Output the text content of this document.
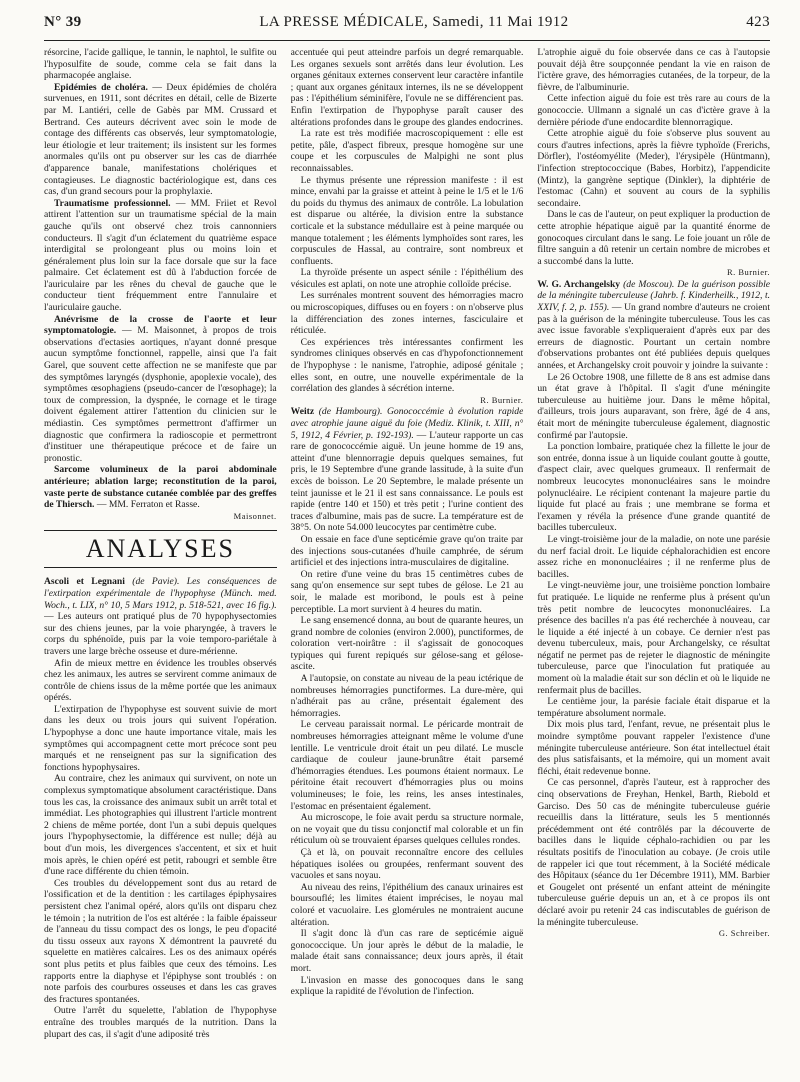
N° 39	LA PRESSE MÉDICALE, Samedi, 11 Mai 1912	423

résorcine, l'acide gallique, le tannin, le naphtol, le sulfite ou l'hyposulfite de soude, comme cela se fait dans la pharmacopée anglaise.

Epidémies de choléra. — Deux épidémies de choléra survenues, en 1911, sont décrites en détail, celle de Bizerte par M. Lantiéri, celle de Gabès par MM. Crussard et Bertrand. Ces auteurs décrivent avec soin le mode de contage des différents cas observés, leur symptomatologie, leur étiologie et leur traitement; ils insistent sur les formes anormales qu'ils ont pu observer sur les cas de diarrhée d'apparence banale, manifestations cholériques et contagieuses. Le diagnostic bactériologique est, dans ces cas, d'un grand secours pour la prophylaxie.

Traumatisme professionnel. — MM. Friiet et Revol attirent l'attention sur un traumatisme spécial de la main gauche qu'ils ont observé chez trois cannonniers conducteurs. Il s'agit d'un éclatement du quatrième espace interdigital se prolongeant plus ou moins loin et généralement plus loin sur la face dorsale que sur la face palmaire. Cet éclatement est dû à l'abduction forcée de l'auriculaire par les rênes du cheval de gauche que le conducteur tient fréquemment entre l'annulaire et l'auriculaire gauche.

Anévrisme de la crosse de l'aorte et leur symptomatologie. — M. Maisonnet, à propos de trois observations d'ectasies aortiques, n'ayant donné presque aucun symptôme fonctionnel, rappelle, ainsi que l'a fait Garel, que souvent cette affection ne se manifeste que par des symptômes laryngés (dysphonie, apoplexie vocale), des symptômes œsophagiens (pseudo-cancer de l'œsophage); la toux de compression, la dyspnée, le cornage et le tirage doivent également attirer l'attention du clinicien sur le médiastin. Ces symptômes permettront d'affirmer un diagnostic que confirmera la radioscopie et permettront d'instituer une thérapeutique précoce et de faire un pronostic.

Sarcome volumineux de la paroi abdominale antérieure; ablation large; reconstitution de la paroi, vaste perte de substance cutanée comblée par des greffes de Thiersch. — MM. Ferraton et Rasse.

Maisonnet.

ANALYSES

Ascoli et Legnani (de Pavie). Les conséquences de l'extirpation expérimentale de l'hypophyse (Münch. med. Woch., t. LIX, n° 10, 5 Mars 1912, p. 518-521, avec 16 fig.). — Les auteurs ont pratiqué plus de 70 hypophysectomies sur des chiens jeunes, par la voie pharyngée, à travers le corps du sphénoïde, puis par la voie temporo-pariétale à travers une large brèche osseuse et dure-mérienne.

Afin de mieux mettre en évidence les troubles observés chez les animaux, les autres se servirent comme animaux de contrôle de chiens issus de la même portée que les animaux opérés.

L'extirpation de l'hypophyse est souvent suivie de mort dans les deux ou trois jours qui suivent l'opération. L'hypophyse a donc une haute importance vitale, mais les symptômes qui accompagnent cette mort précoce sont peu marqués et ne renseignent pas sur la signification des fonctions hypophysaires.

Au contraire, chez les animaux qui survivent, on note un complexus symptomatique absolument caractéristique. Dans tous les cas, la croissance des animaux subit un arrêt total et immédiat. Les photographies qui illustrent l'article montrent 2 chiens de même portée, dont l'un a subi depuis quelques jours l'hypophysectomie, la différence est nulle; déjà au bout d'un mois, les divergences s'accentent, et six et huit mois après, le chien opéré est petit, rabougri et semble être d'une race différente du chien témoin.

Ces troubles du développement sont dus au retard de l'ossification et de la dentition : les cartilages épiphysaires persistent chez l'animal opéré, alors qu'ils ont disparu chez le témoin ; la nutrition de l'os est altérée : la faible épaisseur de l'anneau du tissu compact des os longs, le peu d'opacité du tissu osseux aux rayons X démontrent la pauvreté du squelette en matières calcaires. Les os des animaux opérés sont plus petits et plus faibles que ceux des témoins. Les rapports entre la diaphyse et l'épiphyse sont troublés : on note parfois des courbures osseuses et dans les cas graves des fractures spontanées.

Outre l'arrêt du squelette, l'ablation de l'hypophyse entraîne des troubles marqués de la nutrition. Dans la plupart des cas, il s'agit d'une adiposité très

accentuée qui peut atteindre parfois un degré remarquable. Les organes sexuels sont arrêtés dans leur évolution. Les organes génitaux externes conservent leur caractère infantile ; quant aux organes génitaux internes, ils ne se développent pas : l'épithélium séminifère, l'ovule ne se différencient pas. Enfin l'extirpation de l'hypophyse paraît causer des altérations profondes dans le groupe des glandes endocrines.

La rate est très modifiée macroscopiquement : elle est petite, pâle, d'aspect fibreux, presque homogène sur une coupe et les corpuscules de Malpighi ne sont plus reconnaissables.

Le thymus présente une répression manifeste : il est mince, envahi par la graisse et atteint à peine le 1/5 et le 1/6 du poids du thymus des animaux de contrôle. La lobulation est disparue ou altérée, la division entre la substance corticale et la substance médullaire est à peine marquée ou manque totalement ; les éléments lymphoïdes sont rares, les corpuscules de Hassal, au contraire, sont nombreux et confluents.

La thyroïde présente un aspect sénile : l'épithélium des vésicules est aplati, on note une atrophie colloïde précise.

Les surrénales montrent souvent des hémorragies macro ou microscopiques, diffuses ou en foyers : on n'observe plus la différenciation des zones internes, fasciculaire et réticulée.

Ces expériences très intéressantes confirment les syndromes cliniques observés en cas d'hypofonctionnement de l'hypophyse : le nanisme, l'atrophie, adiposé génitale ; elles sont, en outre, une nouvelle expérimentale de la corrélation des glandes à sécrétion interne.

R. Burnier.

Weitz (de Hambourg). Gonococcémie à évolution rapide avec atrophie jaune aiguë du foie (Mediz. Klinik, t. XIII, n° 5, 1912, 4 Février, p. 192-193). — L'auteur rapporte un cas rare de gonococcémie aiguë. Un jeune homme de 19 ans, atteint d'une blennorragie depuis quelques semaines, fut pris, le 19 Septembre d'une grande lassitude, à la suite d'un excès de boisson. Le 20 Septembre, le malade présente un teint jaunisse et le 21 il est sans connaissance. Le pouls est rapide (entre 140 et 150) et très petit ; l'urine contient des traces d'albumine, mais pas de sucre. La température est de 38°5. On note 54.000 leucocytes par centimètre cube.

On essaie en face d'une septicémie grave qu'on traite par des injections sous-cutanées d'huile camphrée, de sérum artificiel et des injections intra-musculaires de digitaline.

On retire d'une veine du bras 15 centimètres cubes de sang qu'on ensemence sur sept tubes de gélose. Le 21 au soir, le malade est moribond, le pouls est à peine perceptible. La mort survient à 4 heures du matin.

Le sang ensemencé donna, au bout de quarante heures, un grand nombre de colonies (environ 2.000), punctiformes, de coloration vert-noirâtre : il s'agissait de gonocoques typiques qui furent repiqués sur gélose-sang et gélose-ascite.

A l'autopsie, on constate au niveau de la peau ictérique de nombreuses hémorragies punctiformes. La dure-mère, qui n'adhérait pas au crâne, présentait également des hémorragies.

Le cerveau paraissait normal. Le péricarde montrait de nombreuses hémorragies atteignant même le volume d'une lentille. Le ventricule droit était un peu dilaté. Le muscle cardiaque de couleur jaune-brunâtre était parsemé d'hémorragies étendues. Les poumons étaient normaux. Le péritoine était recouvert d'hémorragies plus ou moins volumineuses; le foie, les reins, les anses intestinales, l'estomac en présentaient également.

Au microscope, le foie avait perdu sa structure normale, on ne voyait que du tissu conjonctif mal colorable et un fin réticulum où se trouvaient éparses quelques cellules rondes.

Çà et là, on pouvait reconnaître encore des cellules hépatiques isolées ou groupées, renfermant souvent des vacuoles et sans noyau.

Au niveau des reins, l'épithélium des canaux urinaires est boursouflé; les limites étaient imprécises, le noyau mal coloré et vacuolaire. Les glomérules ne montraient aucune altération.

Il s'agit donc là d'un cas rare de septicémie aiguë gonococcique. Un jour après le début de la maladie, le malade était sans connaissance; deux jours après, il était mort.

L'invasion en masse des gonocoques dans le sang explique la rapidité de l'évolution de l'infection.

L'atrophie aiguë du foie observée dans ce cas à l'autopsie pouvait déjà être soupçonnée pendant la vie en raison de l'ictère grave, des hémorragies cutanées, de la torpeur, de la fièvre, de l'albuminurie.

Cette infection aiguë du foie est très rare au cours de la gonococcie. Ullmann a signalé un cas d'ictère grave à la dernière période d'une endocardite blennorragique.

Cette atrophie aiguë du foie s'observe plus souvent au cours d'autres infections, après la fièvre typhoïde (Frerichs, Dörfler), l'ostéomyélite (Meder), l'érysipèle (Hüntmann), l'infection streptococcique (Babes, Horbitz), l'appendicite (Mintz), la gangrène septique (Dinkler), la diphtérie de l'estomac (Cahn) et souvent au cours de la syphilis secondaire.

Dans le cas de l'auteur, on peut expliquer la production de cette atrophie hépatique aiguë par la quantité énorme de gonocoques circulant dans le sang. Le foie jouant un rôle de filtre sanguin a dû retenir un certain nombre de microbes et a succombé dans la lutte.

R. Burnier.

W. G. Archangelsky (de Moscou). De la guérison possible de la méningite tuberculeuse (Jahrb. f. Kinderheilk., 1912, t. XXIV, f. 2, p. 155). — Un grand nombre d'auteurs ne croient pas à la guérison de la méningite tuberculeuse. Tous les cas avec issue favorable s'expliqueraient d'après eux par des erreurs de diagnostic. Pourtant un certain nombre d'observations probantes ont été publiées depuis quelques années, et Archangelsky croit pouvoir y joindre la suivante :

Le 26 Octobre 1908, une fillette de 8 ans est admise dans un état grave à l'hôpital. Il s'agit d'une méningite tuberculeuse au huitième jour. Dans le même hôpital, d'ailleurs, trois jours auparavant, son frère, âgé de 4 ans, était mort de méningite tuberculeuse également, diagnostic confirmé par l'autopsie.

La ponction lombaire, pratiquée chez la fillette le jour de son entrée, donna issue à un liquide coulant goutte à goutte, d'aspect clair, avec quelques grumeaux. Il renfermait de nombreux leucocytes mononucléaires sans le moindre polynucléaire. Le récipient contenant la majeure partie du liquide fut placé au frais ; une membrane se forma et l'examen y révéla la présence d'une grande quantité de bacilles tuberculeux.

Le vingt-troisième jour de la maladie, on note une parésie du nerf facial droit. Le liquide céphalorachidien est encore assez riche en mononucléaires ; il ne renferme plus de bacilles.

Le vingt-neuvième jour, une troisième ponction lombaire fut pratiquée. Le liquide ne renferme plus à présent qu'un très petit nombre de leucocytes mononucléaires. La présence des bacilles n'a pas été recherchée à nouveau, car le liquide a été injecté à un cobaye. Ce dernier n'est pas devenu tuberculeux, mais, pour Archangelsky, ce résultat négatif ne permet pas de rejeter le diagnostic de méningite tuberculeuse, parce que l'inoculation fut pratiquée au moment où la maladie était sur son déclin et où le liquide ne renfermait plus de bacilles.

Le centième jour, la parésie faciale était disparue et la température absolument normale.

Dix mois plus tard, l'enfant, revue, ne présentait plus le moindre symptôme pouvant rappeler l'existence d'une méningite tuberculeuse antérieure. Son état intellectuel était des plus satisfaisants, et la mémoire, qui un moment avait fléchi, était redevenue bonne.

Ce cas personnel, d'après l'auteur, est à rapprocher des cinq observations de Freyhan, Henkel, Barth, Riebold et Garciso. Des 50 cas de méningite tuberculeuse guérie recueillis dans la littérature, seuls les 5 mentionnés précédemment ont été contrôlés par la découverte de bacilles dans le liquide céphalo-rachidien ou par les résultats positifs de l'inoculation au cobaye. (Je crois utile de rappeler ici que tout récemment, à la Société médicale des Hôpitaux (séance du 1er Décembre 1911), MM. Barbier et Gougelet ont présenté un enfant atteint de méningite tuberculeuse guérie depuis un an, et à ce propos ils ont déclaré avoir pu retenir 24 cas indiscutables de guérison de la méningite tuberculeuse.

G. Schreiber.
